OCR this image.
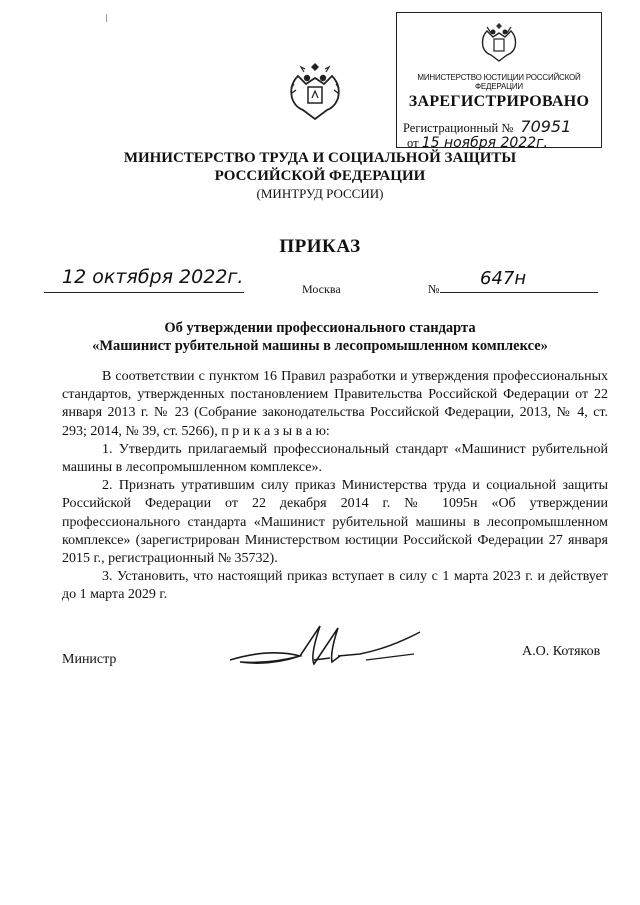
МИНИСТЕРСТВО ЮСТИЦИИ РОССИЙСКОЙ ФЕДЕРАЦИИ
ЗАРЕГИСТРИРОВАНО
Регистрационный № 70951
от 15 ноября 2022г.
МИНИСТЕРСТВО ТРУДА И СОЦИАЛЬНОЙ ЗАЩИТЫ
РОССИЙСКОЙ ФЕДЕРАЦИИ
(МИНТРУД РОССИИ)
ПРИКАЗ
12 октября 2022г.
Москва	№ 647н
Об утверждении профессионального стандарта
«Машинист рубительной машины в лесопромышленном комплексе»

В соответствии с пунктом 16 Правил разработки и утверждения профессиональных стандартов, утвержденных постановлением Правительства Российской Федерации от 22 января 2013 г. № 23 (Собрание законодательства Российской Федерации, 2013, № 4, ст. 293; 2014, № 39, ст. 5266), п р и к а з ы в а ю:

1. Утвердить прилагаемый профессиональный стандарт «Машинист рубительной машины в лесопромышленном комплексе».

2. Признать утратившим силу приказ Министерства труда и социальной защиты Российской Федерации от 22 декабря 2014 г. № 1095н «Об утверждении профессионального стандарта «Машинист рубительной машины в лесопромышленном комплексе» (зарегистрирован Министерством юстиции Российской Федерации 27 января 2015 г., регистрационный № 35732).

3. Установить, что настоящий приказ вступает в силу с 1 марта 2023 г. и действует до 1 марта 2029 г.

Министр
А.О. Котяков
